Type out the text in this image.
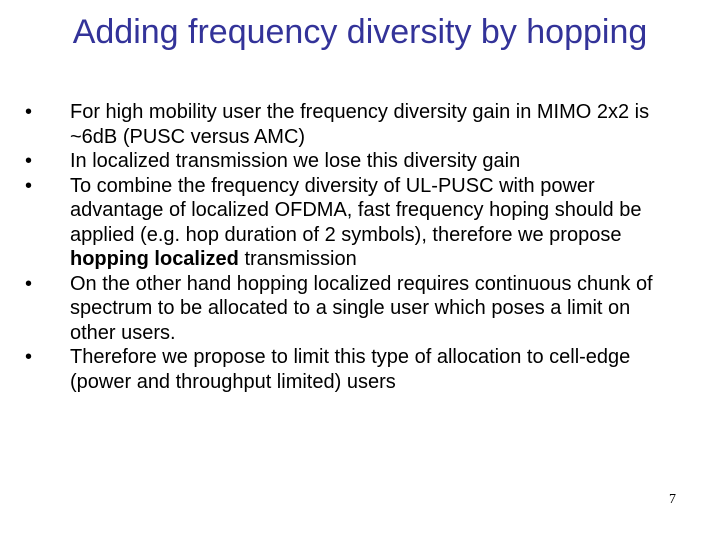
Adding frequency diversity by hopping
• For high mobility user the frequency diversity gain in MIMO 2x2 is ~6dB (PUSC versus AMC)
• In localized transmission we lose this diversity gain
• To combine the frequency diversity of UL-PUSC with power advantage of localized OFDMA, fast frequency hoping should be applied (e.g. hop duration of 2 symbols), therefore we propose hopping localized transmission
• On the other hand hopping localized requires continuous chunk of spectrum to be allocated to a single user which poses a limit on other users.
• Therefore we propose to limit this type of allocation to cell-edge (power and throughput limited) users
7
